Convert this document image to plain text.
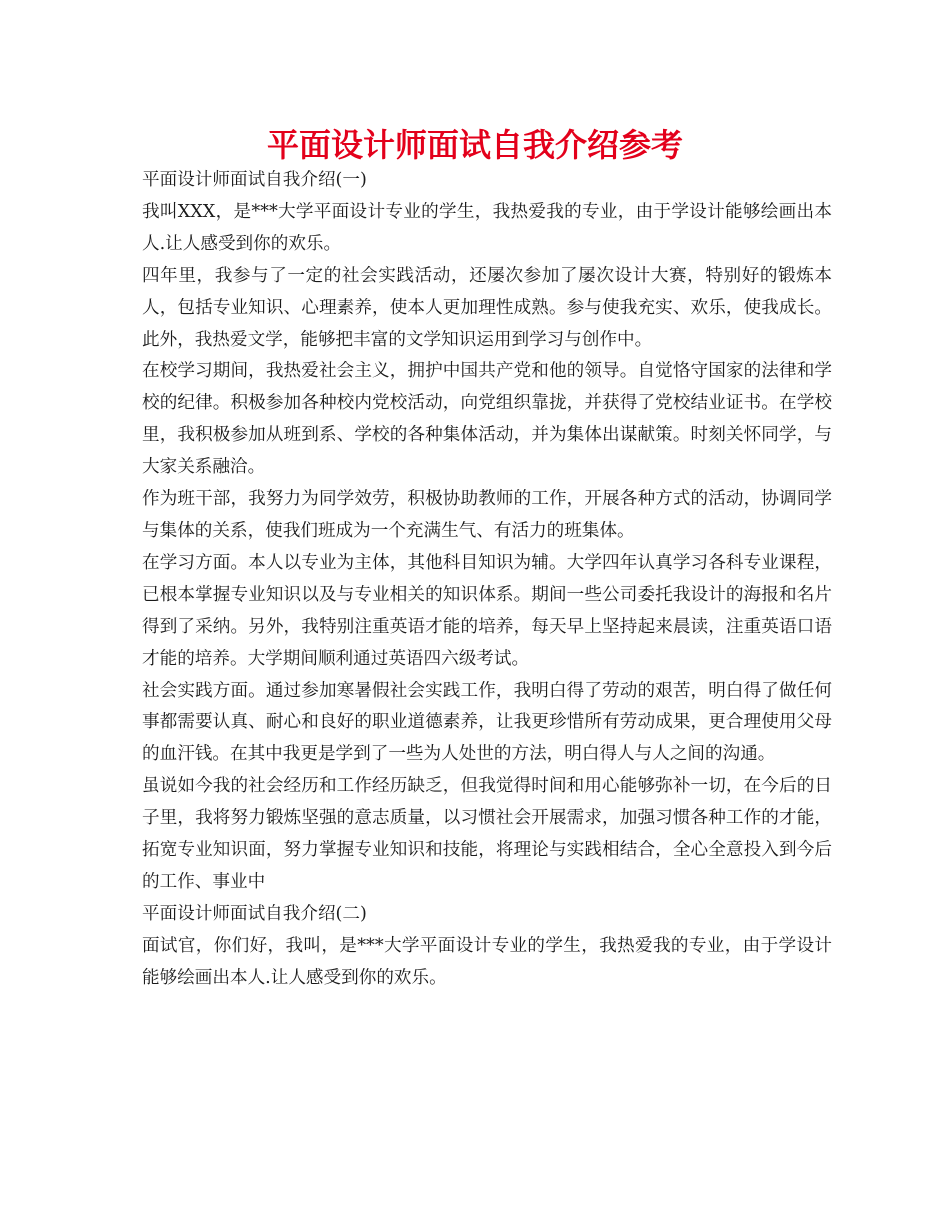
平面设计师面试自我介绍参考

平面设计师面试自我介绍(一)

我叫XXX，是***大学平面设计专业的学生，我热爱我的专业，由于学设计能够绘画出本人.让人感受到你的欢乐。

四年里，我参与了一定的社会实践活动，还屡次参加了屡次设计大赛，特别好的锻炼本人，包括专业知识、心理素养，使本人更加理性成熟。参与使我充实、欢乐，使我成长。此外，我热爱文学，能够把丰富的文学知识运用到学习与创作中。

在校学习期间，我热爱社会主义，拥护中国共产党和他的领导。自觉恪守国家的法律和学校的纪律。积极参加各种校内党校活动，向党组织靠拢，并获得了党校结业证书。在学校里，我积极参加从班到系、学校的各种集体活动，并为集体出谋献策。时刻关怀同学，与大家关系融洽。

作为班干部，我努力为同学效劳，积极协助教师的工作，开展各种方式的活动，协调同学与集体的关系，使我们班成为一个充满生气、有活力的班集体。

在学习方面。本人以专业为主体，其他科目知识为辅。大学四年认真学习各科专业课程，已根本掌握专业知识以及与专业相关的知识体系。期间一些公司委托我设计的海报和名片得到了采纳。另外，我特别注重英语才能的培养，每天早上坚持起来晨读，注重英语口语才能的培养。大学期间顺利通过英语四六级考试。

社会实践方面。通过参加寒暑假社会实践工作，我明白得了劳动的艰苦，明白得了做任何事都需要认真、耐心和良好的职业道德素养，让我更珍惜所有劳动成果，更合理使用父母的血汗钱。在其中我更是学到了一些为人处世的方法，明白得人与人之间的沟通。

虽说如今我的社会经历和工作经历缺乏，但我觉得时间和用心能够弥补一切，在今后的日子里，我将努力锻炼坚强的意志质量，以习惯社会开展需求，加强习惯各种工作的才能，拓宽专业知识面，努力掌握专业知识和技能，将理论与实践相结合，全心全意投入到今后的工作、事业中

平面设计师面试自我介绍(二)

面试官，你们好，我叫，是***大学平面设计专业的学生，我热爱我的专业，由于学设计能够绘画出本人.让人感受到你的欢乐。
